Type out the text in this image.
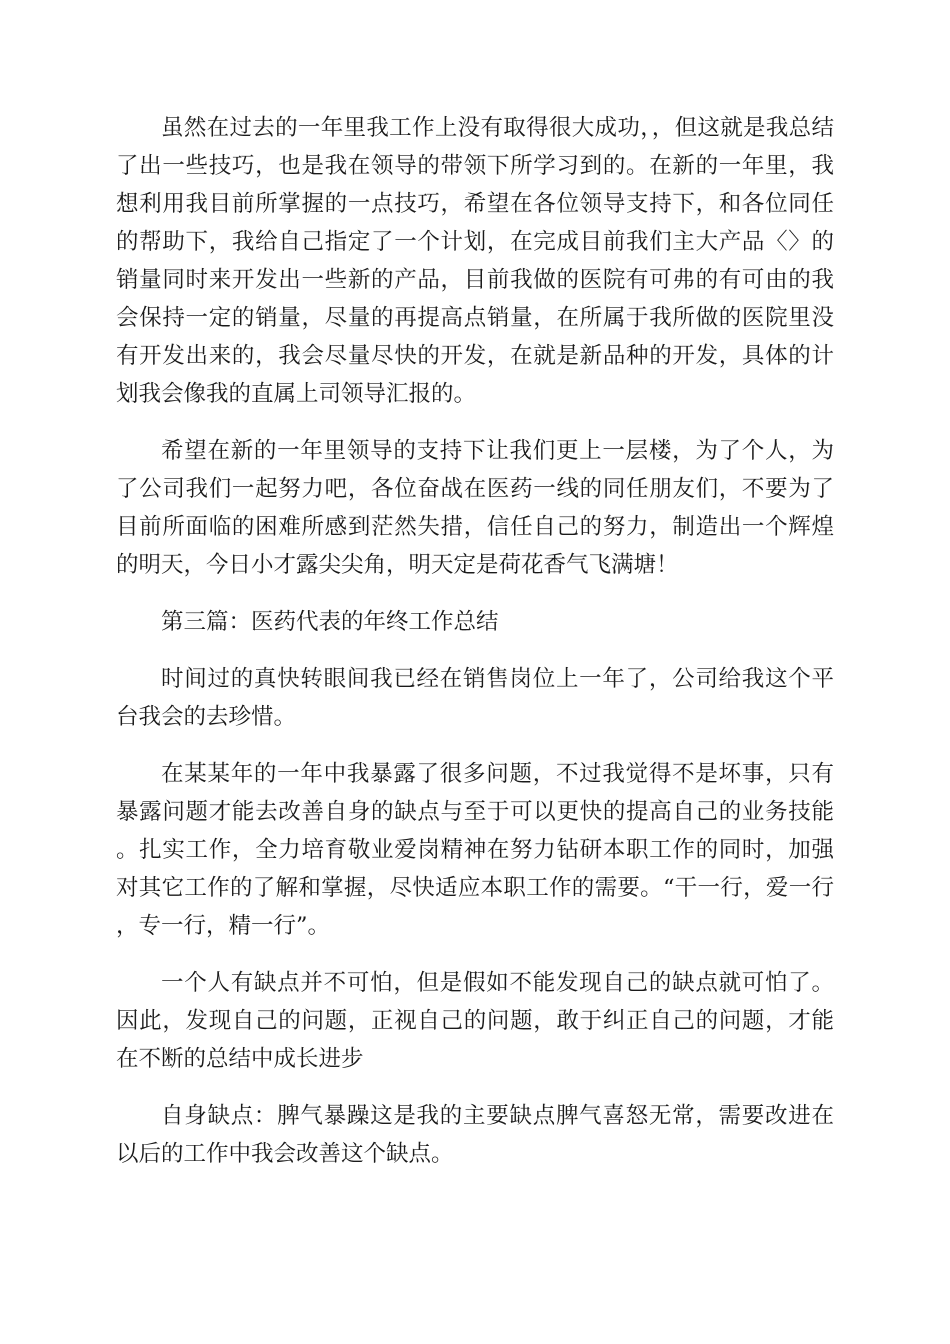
虽然在过去的一年里我工作上没有取得很大成功，，但这就是我总结了出一些技巧，也是我在领导的带领下所学习到的。在新的一年里，我想利用我目前所掌握的一点技巧，希望在各位领导支持下，和各位同任的帮助下，我给自己指定了一个计划，在完成目前我们主大产品〈〉的销量同时来开发出一些新的产品，目前我做的医院有可弗的有可由的我会保持一定的销量，尽量的再提高点销量，在所属于我所做的医院里没有开发出来的，我会尽量尽快的开发，在就是新品种的开发，具体的计划我会像我的直属上司领导汇报的。

希望在新的一年里领导的支持下让我们更上一层楼，为了个人，为了公司我们一起努力吧，各位奋战在医药一线的同任朋友们，不要为了目前所面临的困难所感到茫然失措，信任自己的努力，制造出一个辉煌的明天，今日小才露尖尖角，明天定是荷花香气飞满塘！

第三篇：医药代表的年终工作总结

时间过的真快转眼间我已经在销售岗位上一年了，公司给我这个平台我会的去珍惜。

在某某年的一年中我暴露了很多问题，不过我觉得不是坏事，只有暴露问题才能去改善自身的缺点与至于可以更快的提高自己的业务技能。扎实工作，全力培育敬业爱岗精神在努力钻研本职工作的同时，加强对其它工作的了解和掌握，尽快适应本职工作的需要。“干一行，爱一行，专一行，精一行”。

一个人有缺点并不可怕，但是假如不能发现自己的缺点就可怕了。因此，发现自己的问题，正视自己的问题，敢于纠正自己的问题，才能在不断的总结中成长进步

自身缺点：脾气暴躁这是我的主要缺点脾气喜怒无常，需要改进在以后的工作中我会改善这个缺点。
